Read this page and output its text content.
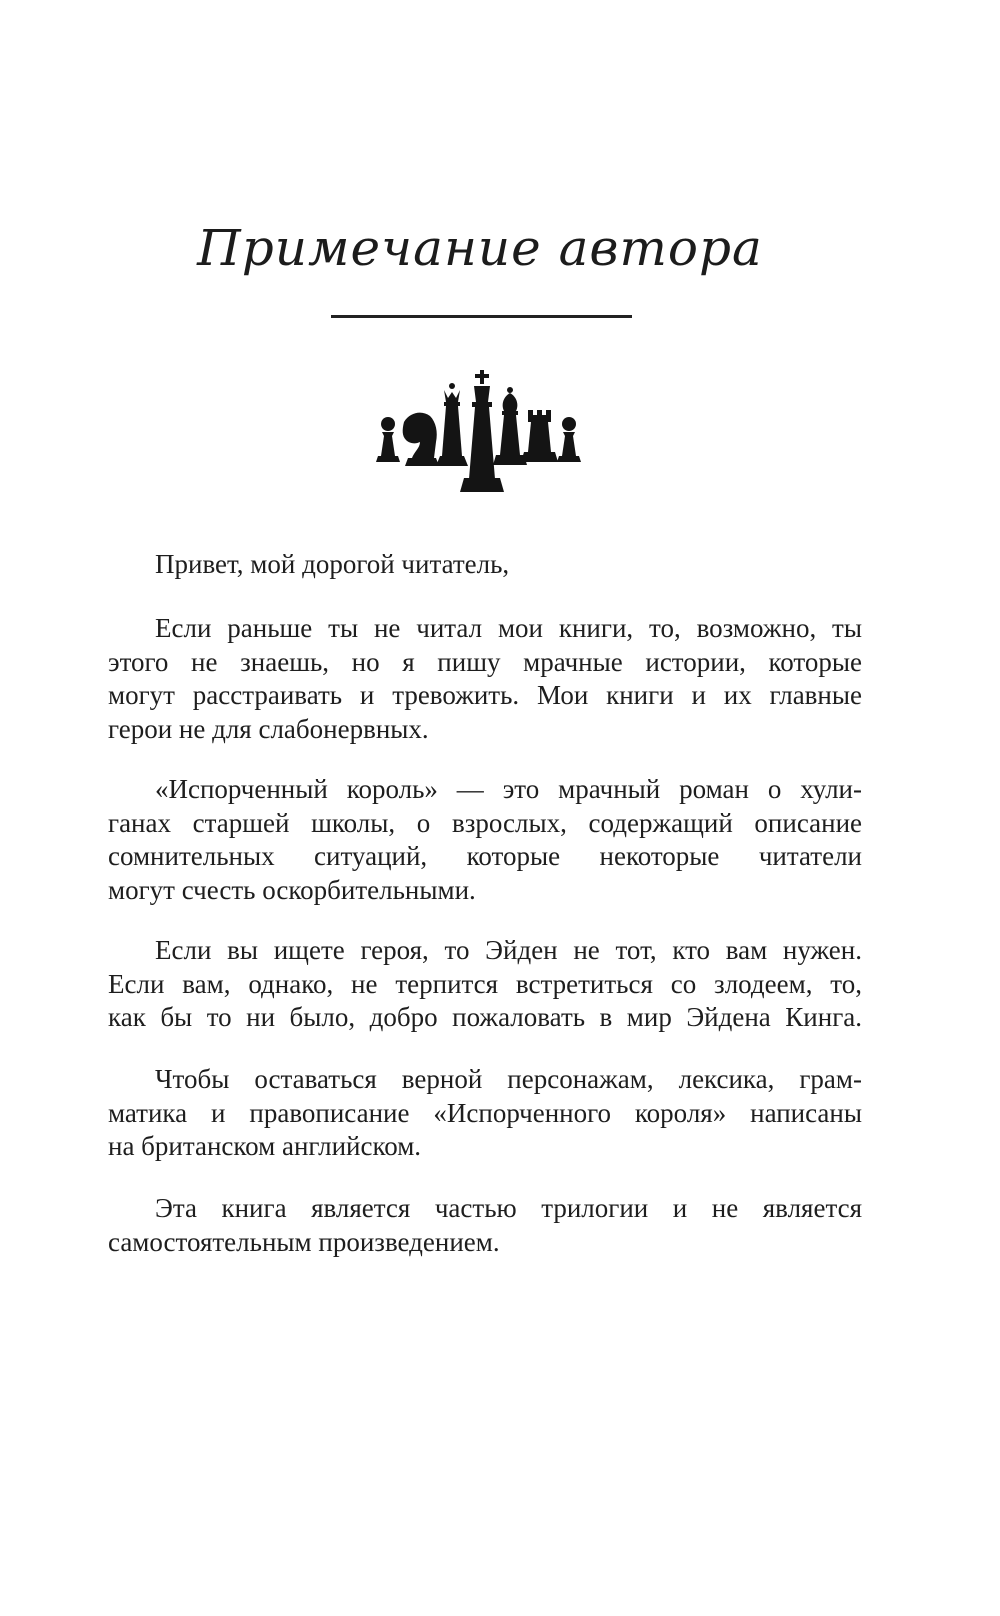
Примечание автора
Привет, мой дорогой читатель,
Если раньше ты не читал мои книги, то, возможно, ты
этого не знаешь, но я пишу мрачные истории, которые
могут расстраивать и тревожить. Мои книги и их главные
герои не для слабонервных.
«Испорченный король» — это мрачный роман о хули-
ганах старшей школы, о взрослых, содержащий описание
сомнительных ситуаций, которые некоторые читатели
могут счесть оскорбительными.
Если вы ищете героя, то Эйден не тот, кто вам нужен.
Если вам, однако, не терпится встретиться со злодеем, то,
как бы то ни было, добро пожаловать в мир Эйдена Кинга.
Чтобы оставаться верной персонажам, лексика, грам-
матика и правописание «Испорченного короля» написаны
на британском английском.
Эта книга является частью трилогии и не является
самостоятельным произведением.
